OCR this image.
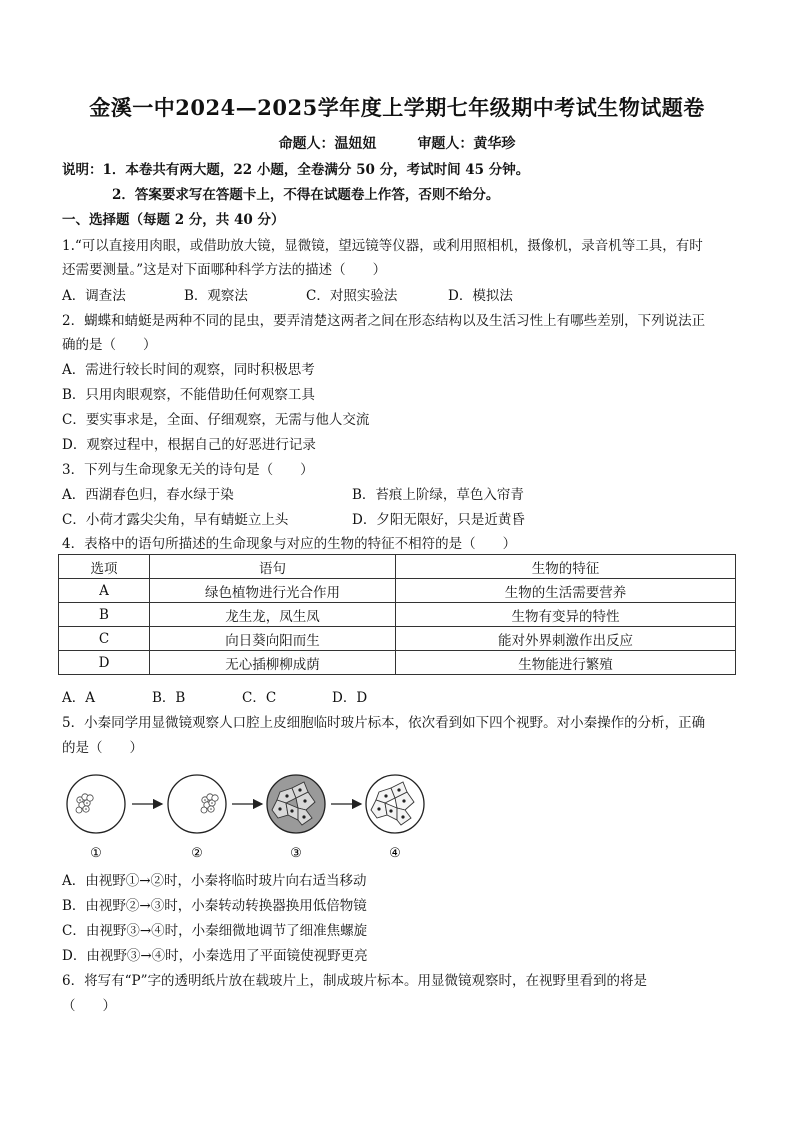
金溪一中2024—2025学年度上学期七年级期中考试生物试题卷
命题人：温妞妞	审题人：黄华珍
说明：1．本卷共有两大题，22 小题，全卷满分 50 分，考试时间 45 分钟。
2．答案要求写在答题卡上，不得在试题卷上作答，否则不给分。
一、选择题（每题 2 分，共 40 分）
1.“可以直接用肉眼，或借助放大镜，显微镜，望远镜等仪器，或利用照相机，摄像机，录音机等工具，有时
还需要测量。”这是对下面哪种科学方法的描述（　　）
A．调查法	B．观察法	C．对照实验法	D．模拟法
2．蝴蝶和蜻蜓是两种不同的昆虫，要弄清楚这两者之间在形态结构以及生活习性上有哪些差别，下列说法正
确的是（　　）
A．需进行较长时间的观察，同时积极思考
B．只用肉眼观察，不能借助任何观察工具
C．要实事求是，全面、仔细观察，无需与他人交流
D．观察过程中，根据自己的好恶进行记录
3．下列与生命现象无关的诗句是（　　）
A．西湖春色归，春水绿于染	B．苔痕上阶绿，草色入帘青
C．小荷才露尖尖角，早有蜻蜓立上头	D．夕阳无限好，只是近黄昏
4．表格中的语句所描述的生命现象与对应的生物的特征不相符的是（　　）
选项	语句	生物的特征
A	绿色植物进行光合作用	生物的生活需要营养
B	龙生龙，凤生凤	生物有变异的特性
C	向日葵向阳而生	能对外界刺激作出反应
D	无心插柳柳成荫	生物能进行繁殖
A．A	B．B	C．C	D．D
5．小秦同学用显微镜观察人口腔上皮细胞临时玻片标本，依次看到如下四个视野。对小秦操作的分析，正确
的是（　　）
①	②	③	④
A．由视野①→②时，小秦将临时玻片向右适当移动
B．由视野②→③时，小秦转动转换器换用低倍物镜
C．由视野③→④时，小秦细微地调节了细准焦螺旋
D．由视野③→④时，小秦选用了平面镜使视野更亮
6．将写有“P”字的透明纸片放在载玻片上，制成玻片标本。用显微镜观察时，在视野里看到的将是
（　　）
